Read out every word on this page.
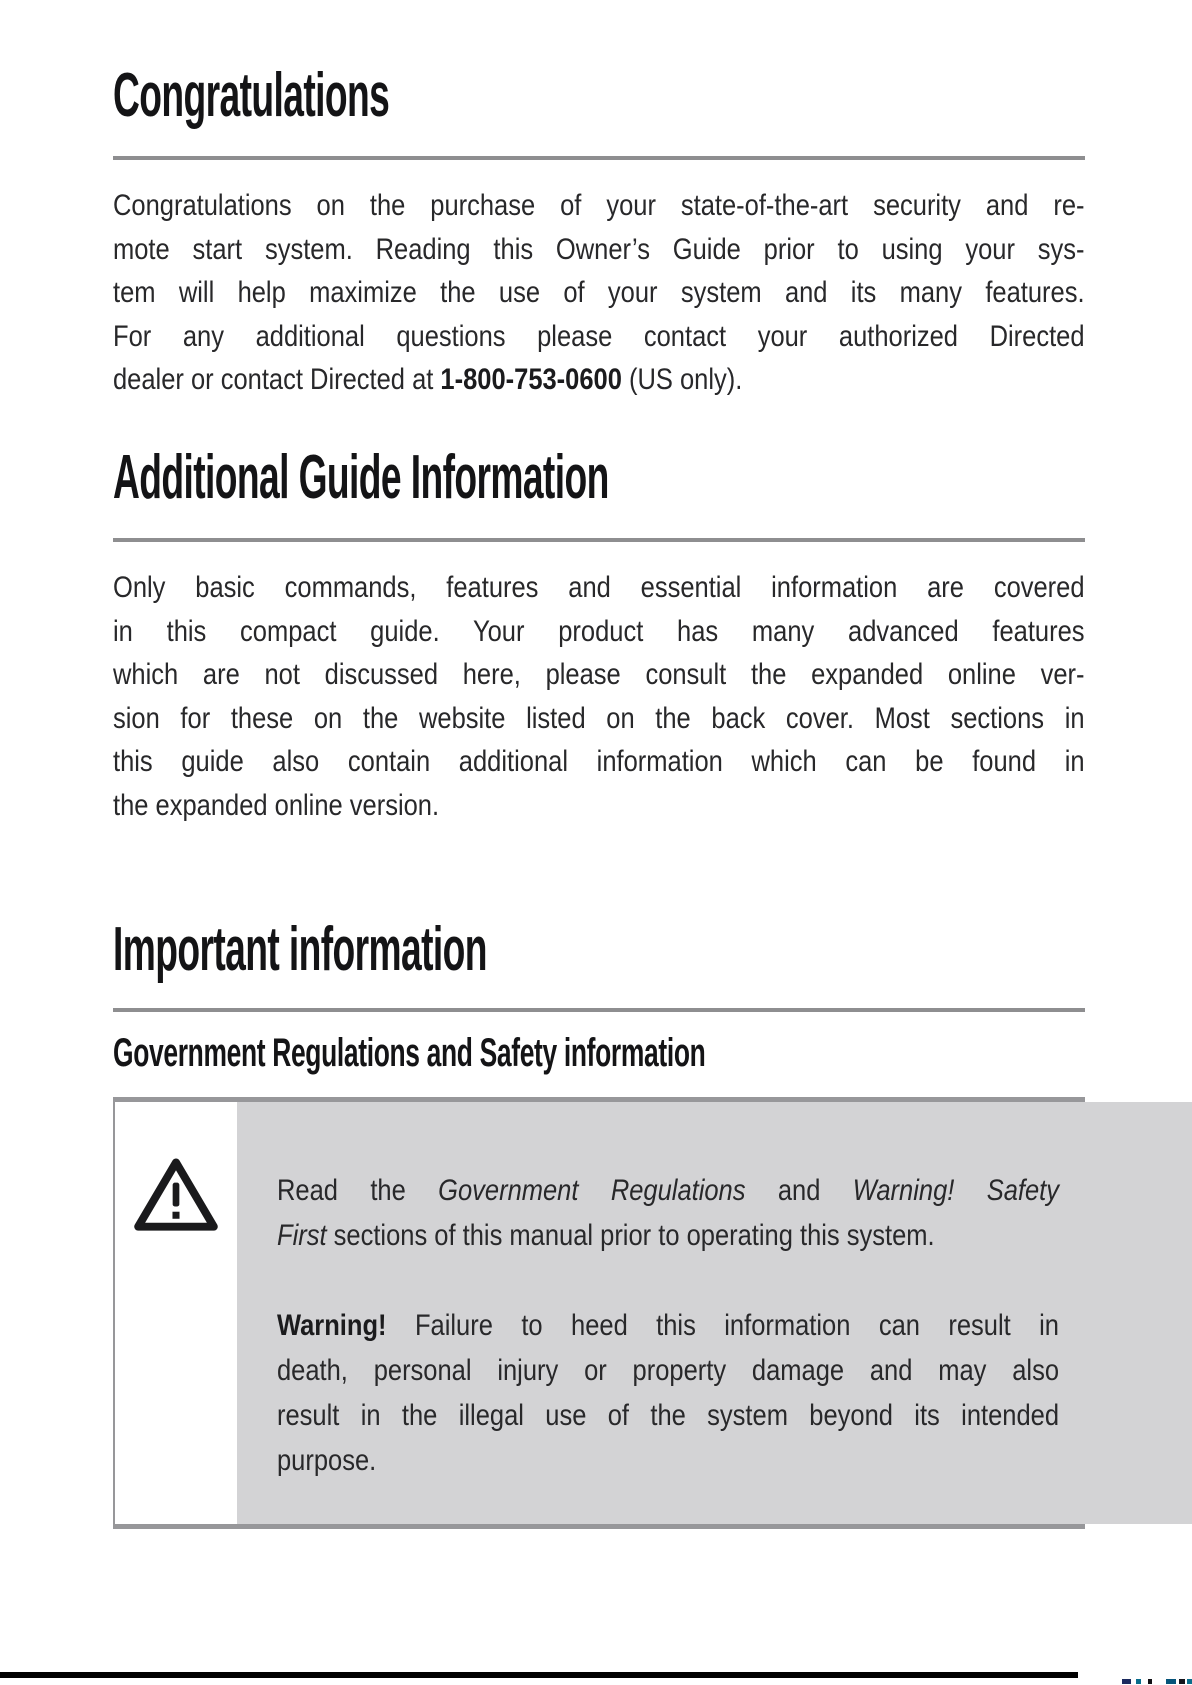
Congratulations
Congratulations on the purchase of your state-of-the-art security and re-
mote start system. Reading this Owner’s Guide prior to using your sys-
tem will help maximize the use of your system and its many features.
For any additional questions please contact your authorized Directed
dealer or contact Directed at 1-800-753-0600 (US only).
Additional Guide Information
Only basic commands, features and essential information are covered
in this compact guide. Your product has many advanced features
which are not discussed here, please consult the expanded online ver-
sion for these on the website listed on the back cover. Most sections in
this guide also contain additional information which can be found in
the expanded online version.
Important information
Government Regulations and Safety information
Read the Government Regulations and Warning! Safety
First sections of this manual prior to operating this system.
Warning! Failure to heed this information can result in
death, personal injury or property damage and may also
result in the illegal use of the system beyond its intended
purpose.
